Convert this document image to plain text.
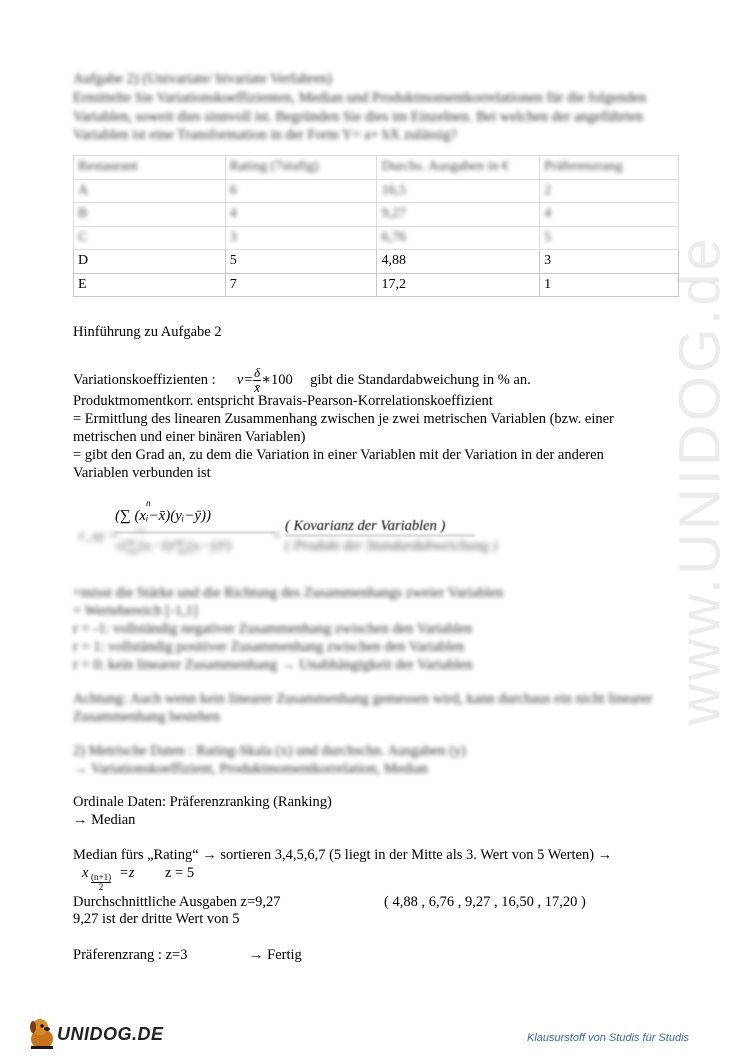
www.UNIDOG.de
Aufgabe 2) (Univariate/ bivariate Verfahren)
Ermittelte Sie Variationskoeffizienten, Median und Produktmomentkorrelationen für die folgenden
Variablen, soweit dies sinnvoll ist. Begründen Sie dies im Einzelnen. Bei welchen der angeführten
Variablen ist eine Transformation in der Form Y= a+ bX zulässig?
Restaurant	Rating (7stufig)	Durchs. Ausgaben in €	Präferenzrang
A	6	16,5	2
B	4	9,27	4
C	3	6,76	5
D	5	4,88	3
E	7	17,2	1
Hinführung zu Aufgabe 2
Variationskoeffizienten : $v= \frac{\delta}{x̄}$ ∗100 gibt die Standardabweichung in % an.
Produktmomentkorr. entspricht Bravais-Pearson-Korrelationskoeffizient
= Ermittlung des linearen Zusammenhang zwischen je zwei metrischen Variablen (bzw. einer
metrischen und einer binären Variablen)
= gibt den Grad an, zu dem die Variation in einer Variablen mit der Variation in der anderen
Variablen verbunden ist
r_xy =
n
(∑ (xᵢ−x̄)(yᵢ−ȳ))
i=1
√(∑(xᵢ−x̄)²∑(yᵢ−ȳ)²)
=
( Kovarianz der Variablen )
( Produkt der Standardabweichung )
=misst die Stärke und die Richtung des Zusammenhangs zweier Variablen
= Wertebereich [-1,1]
r = -1: vollständig negativer Zusammenhang zwischen den Variablen
r = 1: vollständig positiver Zusammenhang zwischen den Variablen
r = 0: kein linearer Zusammenhang → Unabhängigkeit der Variablen
Achtung: Auch wenn kein linearer Zusammenhang gemessen wird, kann durchaus ein nicht linearer
Zusammenhang bestehen
2) Metrische Daten : Rating-Skala (x) und durchschn. Ausgaben (y)
→ Variationskoeffizient, Produktmomentkorrelation, Median
Ordinale Daten: Präferenzranking (Ranking)
→ Median
Median fürs „Rating“ → sortieren 3,4,5,6,7 (5 liegt in der Mitte als 3. Wert von 5 Werten) →
x $\frac{(n+1)}{2} =z$ z = 5
Durchschnittliche Ausgaben z=9,27	( 4,88 , 6,76 , 9,27 , 16,50 , 17,20 )
9,27 ist der dritte Wert von 5
Präferenzrang : z=3	→ Fertig
UNIDOG.DE	Klausurstoff von Studis für Studis
